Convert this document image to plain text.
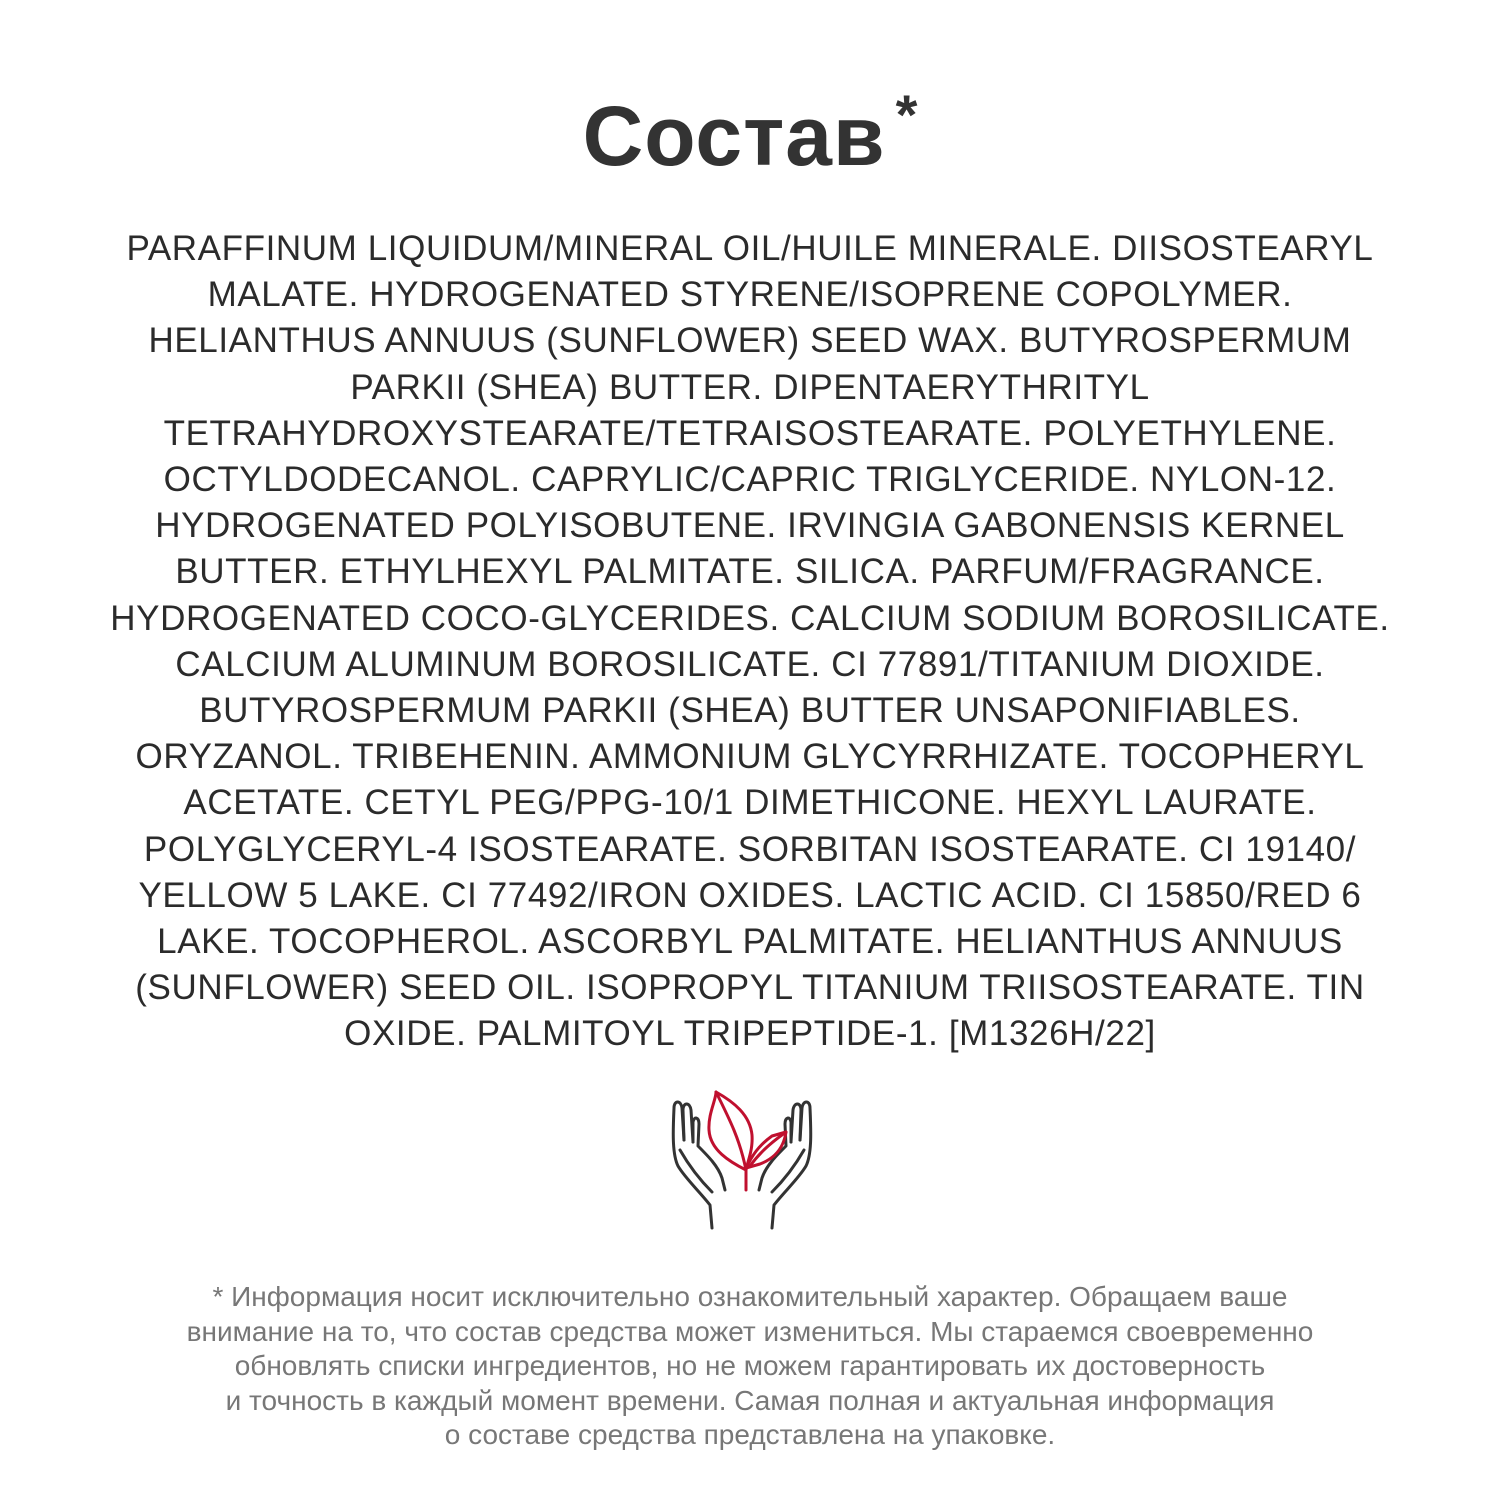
Состав *
PARAFFINUM LIQUIDUM/MINERAL OIL/HUILE MINERALE. DIISOSTEARYL
MALATE. HYDROGENATED STYRENE/ISOPRENE COPOLYMER.
HELIANTHUS ANNUUS (SUNFLOWER) SEED WAX. BUTYROSPERMUM
PARKII (SHEA) BUTTER. DIPENTAERYTHRITYL
TETRAHYDROXYSTEARATE/TETRAISOSTEARATE. POLYETHYLENE.
OCTYLDODECANOL. CAPRYLIC/CAPRIC TRIGLYCERIDE. NYLON-12.
HYDROGENATED POLYISOBUTENE. IRVINGIA GABONENSIS KERNEL
BUTTER. ETHYLHEXYL PALMITATE. SILICA. PARFUM/FRAGRANCE.
HYDROGENATED COCO-GLYCERIDES. CALCIUM SODIUM BOROSILICATE.
CALCIUM ALUMINUM BOROSILICATE. CI 77891/TITANIUM DIOXIDE.
BUTYROSPERMUM PARKII (SHEA) BUTTER UNSAPONIFIABLES.
ORYZANOL. TRIBEHENIN. AMMONIUM GLYCYRRHIZATE. TOCOPHERYL
ACETATE. CETYL PEG/PPG-10/1 DIMETHICONE. HEXYL LAURATE.
POLYGLYCERYL-4 ISOSTEARATE. SORBITAN ISOSTEARATE. CI 19140/
YELLOW 5 LAKE. CI 77492/IRON OXIDES. LACTIC ACID. CI 15850/RED 6
LAKE. TOCOPHEROL. ASCORBYL PALMITATE. HELIANTHUS ANNUUS
(SUNFLOWER) SEED OIL. ISOPROPYL TITANIUM TRIISOSTEARATE. TIN
OXIDE. PALMITOYL TRIPEPTIDE-1. [M1326H/22]
* Информация носит исключительно ознакомительный характер. Обращаем ваше
внимание на то, что состав средства может измениться. Мы стараемся своевременно
обновлять списки ингредиентов, но не можем гарантировать их достоверность
и точность в каждый момент времени. Самая полная и актуальная информация
о составе средства представлена на упаковке.
